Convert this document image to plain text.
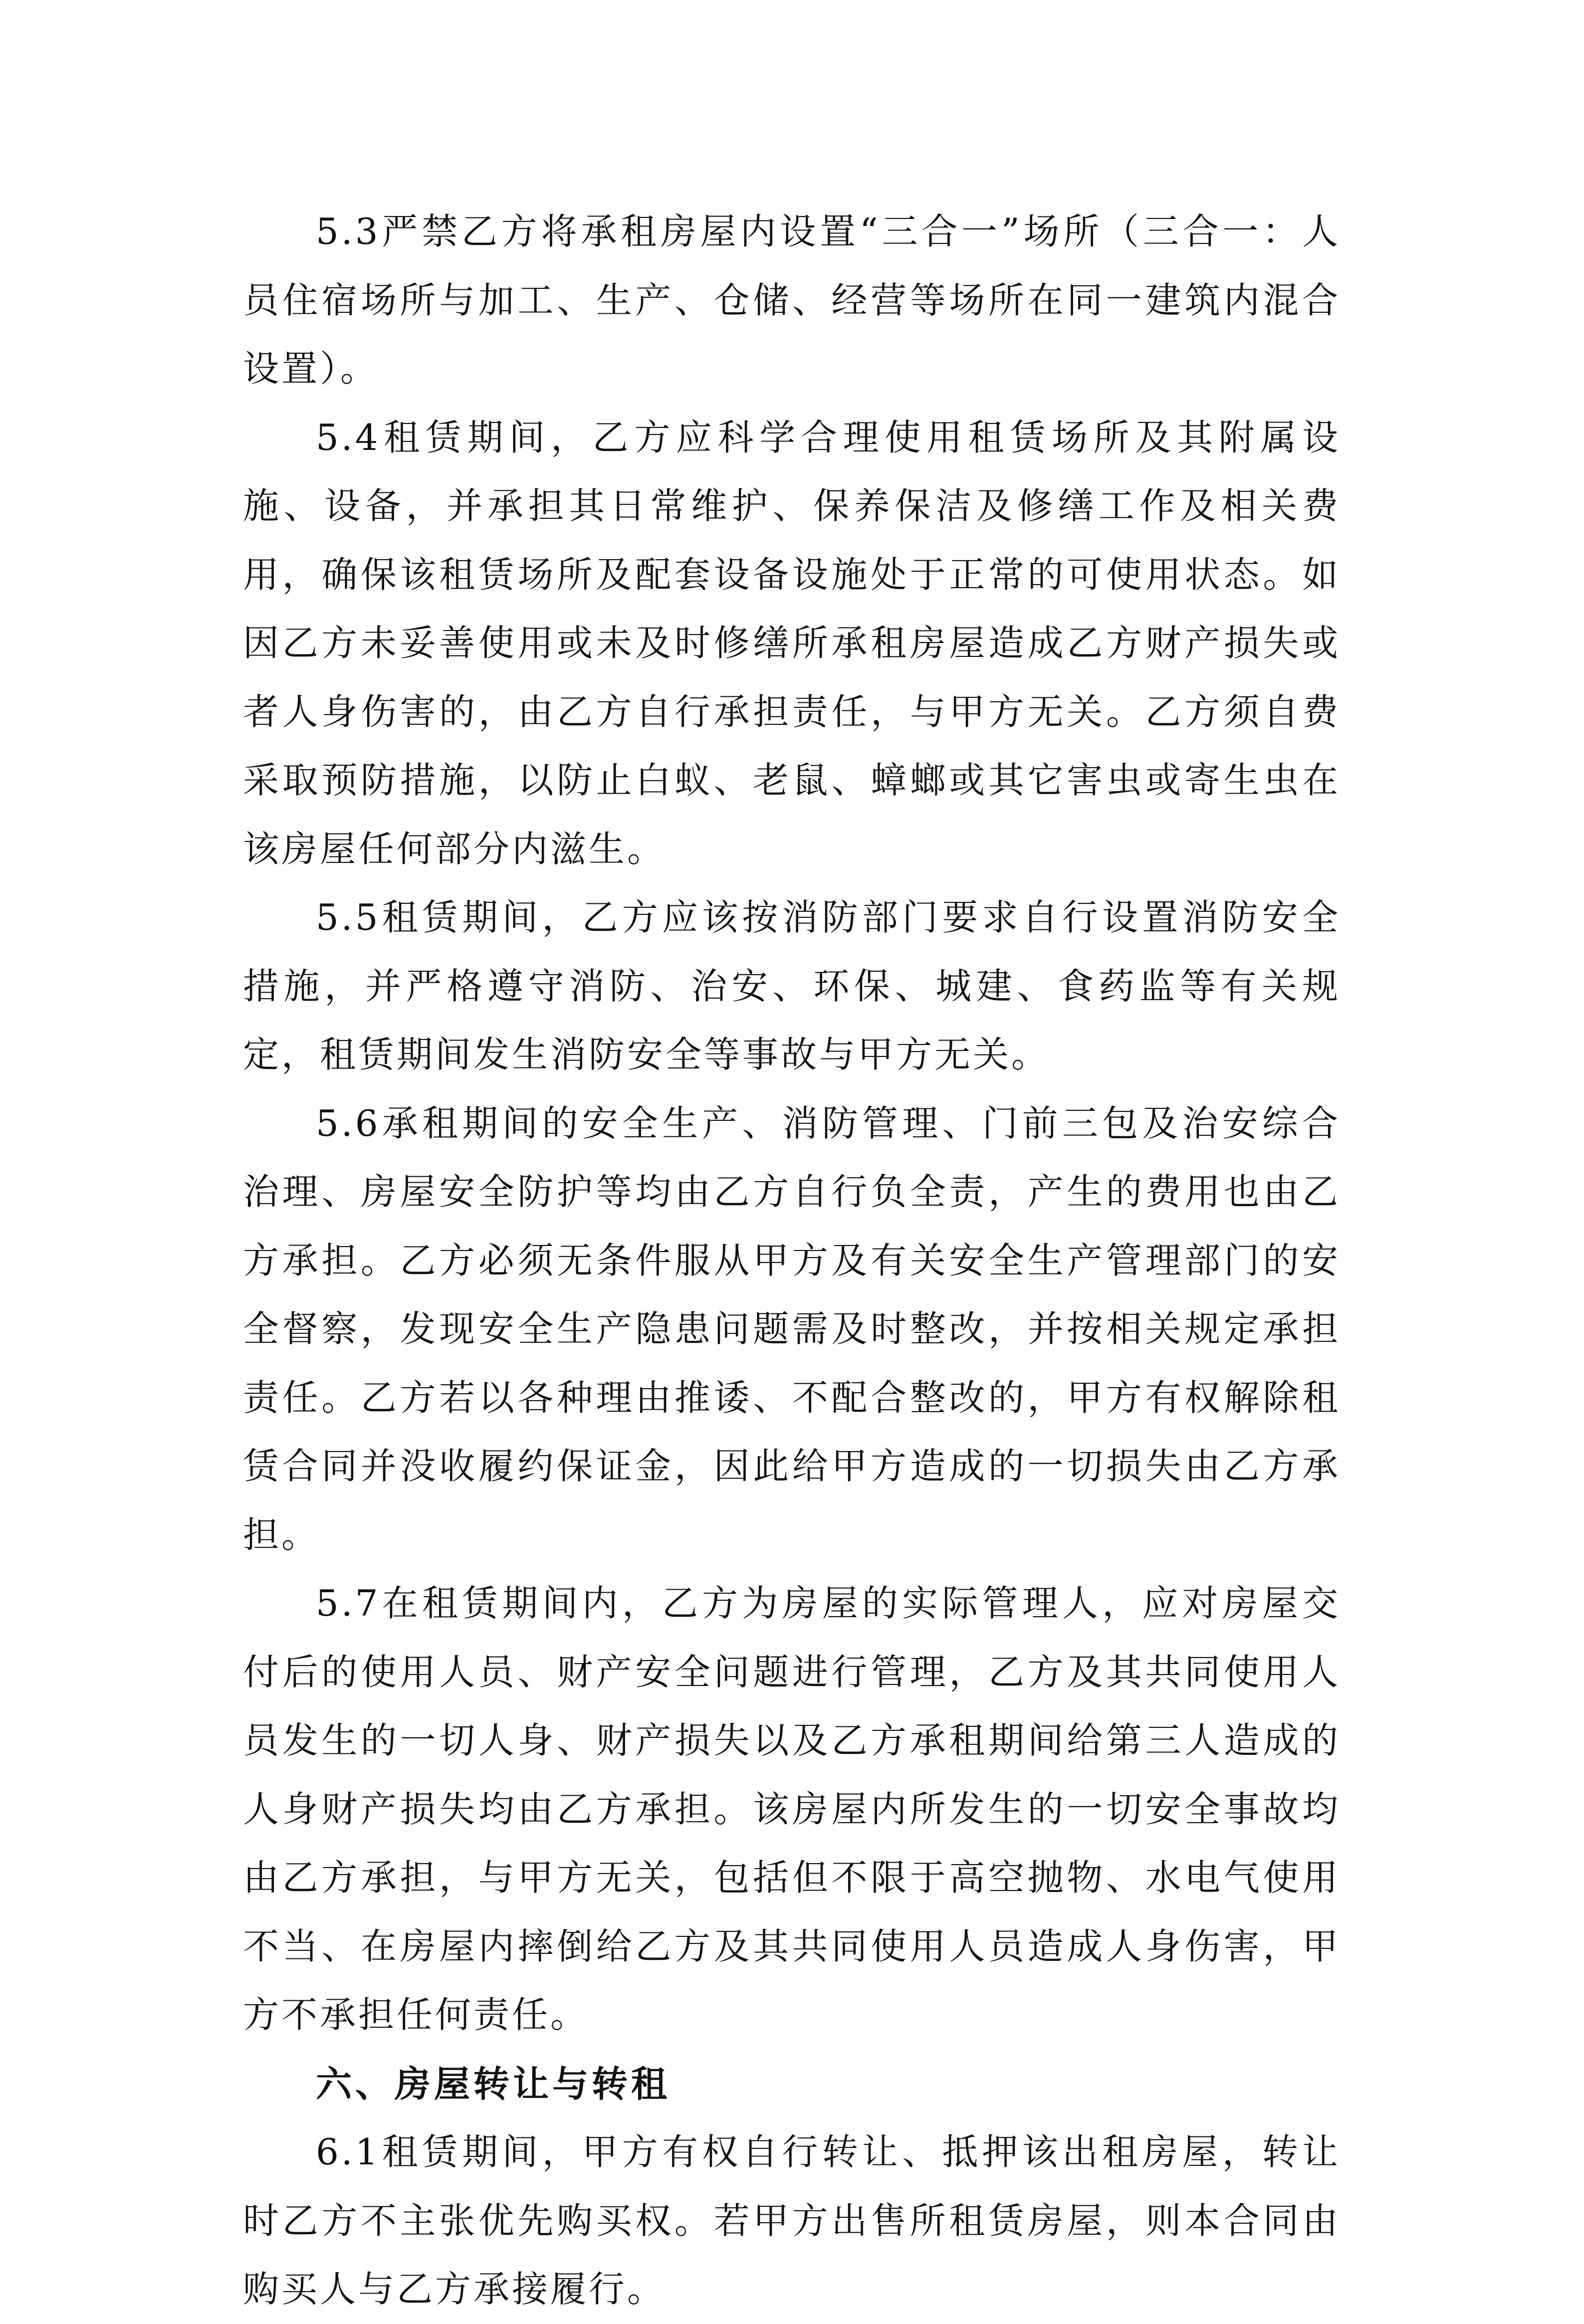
5.3严禁乙方将承租房屋内设置“三合一”场所（三合一：人员住宿场所与加工、生产、仓储、经营等场所在同一建筑内混合设置）。

5.4租赁期间，乙方应科学合理使用租赁场所及其附属设施、设备，并承担其日常维护、保养保洁及修缮工作及相关费用，确保该租赁场所及配套设备设施处于正常的可使用状态。如因乙方未妥善使用或未及时修缮所承租房屋造成乙方财产损失或者人身伤害的，由乙方自行承担责任，与甲方无关。乙方须自费采取预防措施，以防止白蚁、老鼠、蟑螂或其它害虫或寄生虫在该房屋任何部分内滋生。

5.5租赁期间，乙方应该按消防部门要求自行设置消防安全措施，并严格遵守消防、治安、环保、城建、食药监等有关规定，租赁期间发生消防安全等事故与甲方无关。

5.6承租期间的安全生产、消防管理、门前三包及治安综合治理、房屋安全防护等均由乙方自行负全责，产生的费用也由乙方承担。乙方必须无条件服从甲方及有关安全生产管理部门的安全督察，发现安全生产隐患问题需及时整改，并按相关规定承担责任。乙方若以各种理由推诿、不配合整改的，甲方有权解除租赁合同并没收履约保证金，因此给甲方造成的一切损失由乙方承担。

5.7在租赁期间内，乙方为房屋的实际管理人，应对房屋交付后的使用人员、财产安全问题进行管理，乙方及其共同使用人员发生的一切人身、财产损失以及乙方承租期间给第三人造成的人身财产损失均由乙方承担。该房屋内所发生的一切安全事故均由乙方承担，与甲方无关，包括但不限于高空抛物、水电气使用不当、在房屋内摔倒给乙方及其共同使用人员造成人身伤害，甲方不承担任何责任。

六、房屋转让与转租

6.1租赁期间，甲方有权自行转让、抵押该出租房屋，转让时乙方不主张优先购买权。若甲方出售所租赁房屋，则本合同由购买人与乙方承接履行。
